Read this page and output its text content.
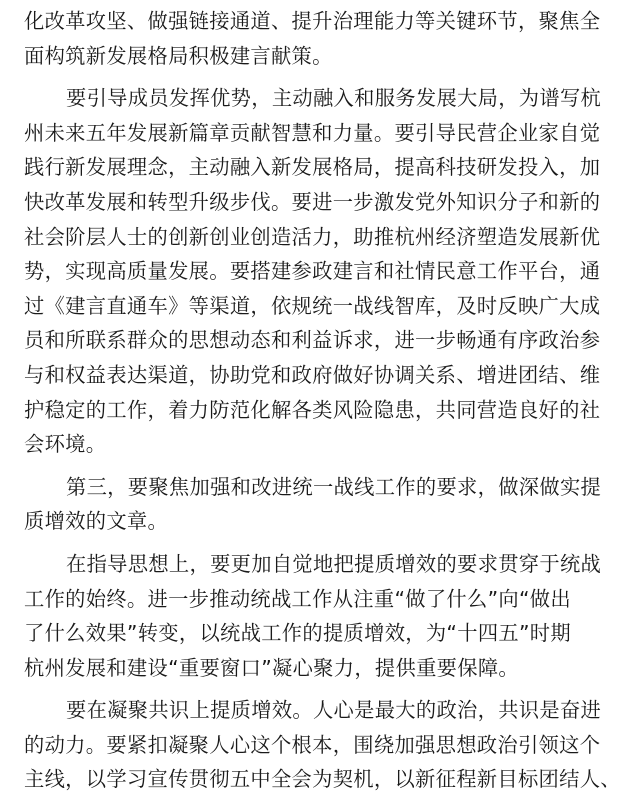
化改革攻坚、做强链接通道、提升治理能力等关键环节，聚焦全
面构筑新发展格局积极建言献策。
要引导成员发挥优势，主动融入和服务发展大局，为谱写杭
州未来五年发展新篇章贡献智慧和力量。要引导民营企业家自觉
践行新发展理念，主动融入新发展格局，提高科技研发投入，加
快改革发展和转型升级步伐。要进一步激发党外知识分子和新的
社会阶层人士的创新创业创造活力，助推杭州经济塑造发展新优
势，实现高质量发展。要搭建参政建言和社情民意工作平台，通
过《建言直通车》等渠道，依规统一战线智库，及时反映广大成
员和所联系群众的思想动态和利益诉求，进一步畅通有序政治参
与和权益表达渠道，协助党和政府做好协调关系、增进团结、维
护稳定的工作，着力防范化解各类风险隐患，共同营造良好的社
会环境。
第三，要聚焦加强和改进统一战线工作的要求，做深做实提
质增效的文章。
在指导思想上，要更加自觉地把提质增效的要求贯穿于统战
工作的始终。进一步推动统战工作从注重“做了什么”向“做出
了什么效果”转变，以统战工作的提质增效，为“十四五”时期
杭州发展和建设“重要窗口”凝心聚力，提供重要保障。
要在凝聚共识上提质增效。人心是最大的政治，共识是奋进
的动力。要紧扣凝聚人心这个根本，围绕加强思想政治引领这个
主线，以学习宣传贯彻五中全会为契机，以新征程新目标团结人、
